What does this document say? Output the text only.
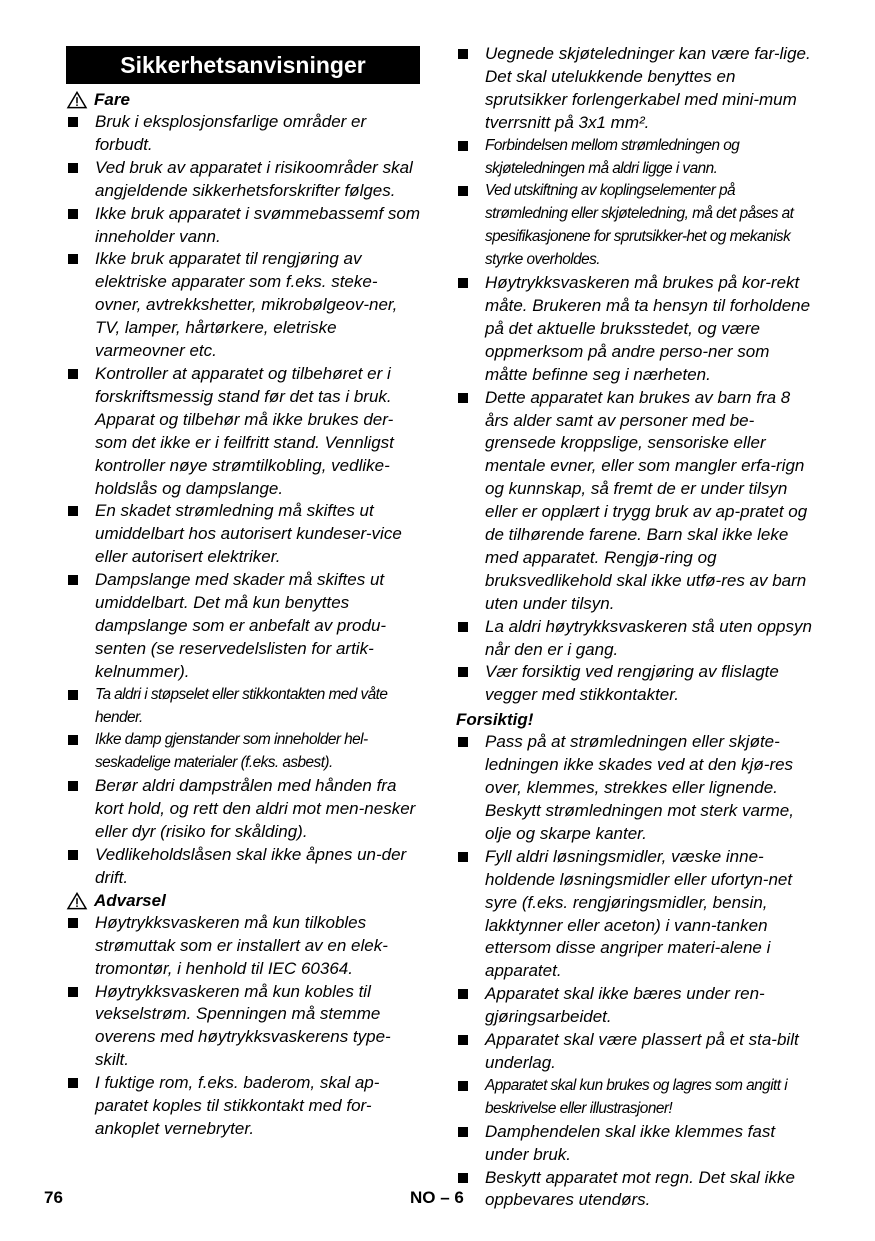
Sikkerhetsanvisninger
Fare
Bruk i eksplosjonsfarlige områder er forbudt.
Ved bruk av apparatet i risikoområder skal angjeldende sikkerhetsforskrifter følges.
Ikke bruk apparatet i svømmebassemf som inneholder vann.
Ikke bruk apparatet til rengjøring av elektriske apparater som f.eks. steke-ovner, avtrekkshetter, mikrobølgeov-ner, TV, lamper, hårtørkere, eletriske varmeovner etc.
Kontroller at apparatet og tilbehøret er i forskriftsmessig stand før det tas i bruk. Apparat og tilbehør må ikke brukes der-som det ikke er i feilfritt stand. Vennligst kontroller nøye strømtilkobling, vedlike-holdslås og dampslange.
En skadet strømledning må skiftes ut umiddelbart hos autorisert kundeser-vice eller autorisert elektriker.
Dampslange med skader må skiftes ut umiddelbart. Det må kun benyttes dampslange som er anbefalt av produ-senten (se reservedelslisten for artik-kelnummer).
Ta aldri i støpselet eller stikkontakten med våte hender.
Ikke damp gjenstander som inneholder hel-seskadelige materialer (f.eks. asbest).
Berør aldri dampstrålen med hånden fra kort hold, og rett den aldri mot men-nesker eller dyr (risiko for skålding).
Vedlikeholdslåsen skal ikke åpnes un-der drift.
Advarsel
Høytrykksvaskeren må kun tilkobles strømuttak som er installert av en elek-tromontør, i henhold til IEC 60364.
Høytrykksvaskeren må kun kobles til vekselstrøm. Spenningen må stemme overens med høytrykksvaskerens type-skilt.
I fuktige rom, f.eks. baderom, skal ap-paratet koples til stikkontakt med for-ankoplet vernebryter.
Uegnede skjøteledninger kan være far-lige. Det skal utelukkende benyttes en sprutsikker forlengerkabel med mini-mum tverrsnitt på 3x1 mm².
Forbindelsen mellom strømledningen og skjøteledningen må aldri ligge i vann.
Ved utskiftning av koplingselementer på strømledning eller skjøteledning, må det påses at spesifikasjonene for sprutsikker-het og mekanisk styrke overholdes.
Høytrykksvaskeren må brukes på kor-rekt måte. Brukeren må ta hensyn til forholdene på det aktuelle bruksstedet, og være oppmerksom på andre perso-ner som måtte befinne seg i nærheten.
Dette apparatet kan brukes av barn fra 8 års alder samt av personer med be-grensede kroppslige, sensoriske eller mentale evner, eller som mangler erfa-rign og kunnskap, så fremt de er under tilsyn eller er opplært i trygg bruk av ap-pratet og de tilhørende farene. Barn skal ikke leke med apparatet. Rengjø-ring og bruksvedlikehold skal ikke utfø-res av barn uten under tilsyn.
La aldri høytrykksvaskeren stå uten oppsyn når den er i gang.
Vær forsiktig ved rengjøring av flislagte vegger med stikkontakter.
Forsiktig!
Pass på at strømledningen eller skjøte-ledningen ikke skades ved at den kjø-res over, klemmes, strekkes eller lignende. Beskytt strømledningen mot sterk varme, olje og skarpe kanter.
Fyll aldri løsningsmidler, væske inne-holdende løsningsmidler eller ufortyn-net syre (f.eks. rengjøringsmidler, bensin, lakktynner eller aceton) i vann-tanken ettersom disse angriper materi-alene i apparatet.
Apparatet skal ikke bæres under ren-gjøringsarbeidet.
Apparatet skal være plassert på et sta-bilt underlag.
Apparatet skal kun brukes og lagres som angitt i beskrivelse eller illustrasjoner!
Damphendelen skal ikke klemmes fast under bruk.
Beskytt apparatet mot regn. Det skal ikke oppbevares utendørs.
76	NO – 6
